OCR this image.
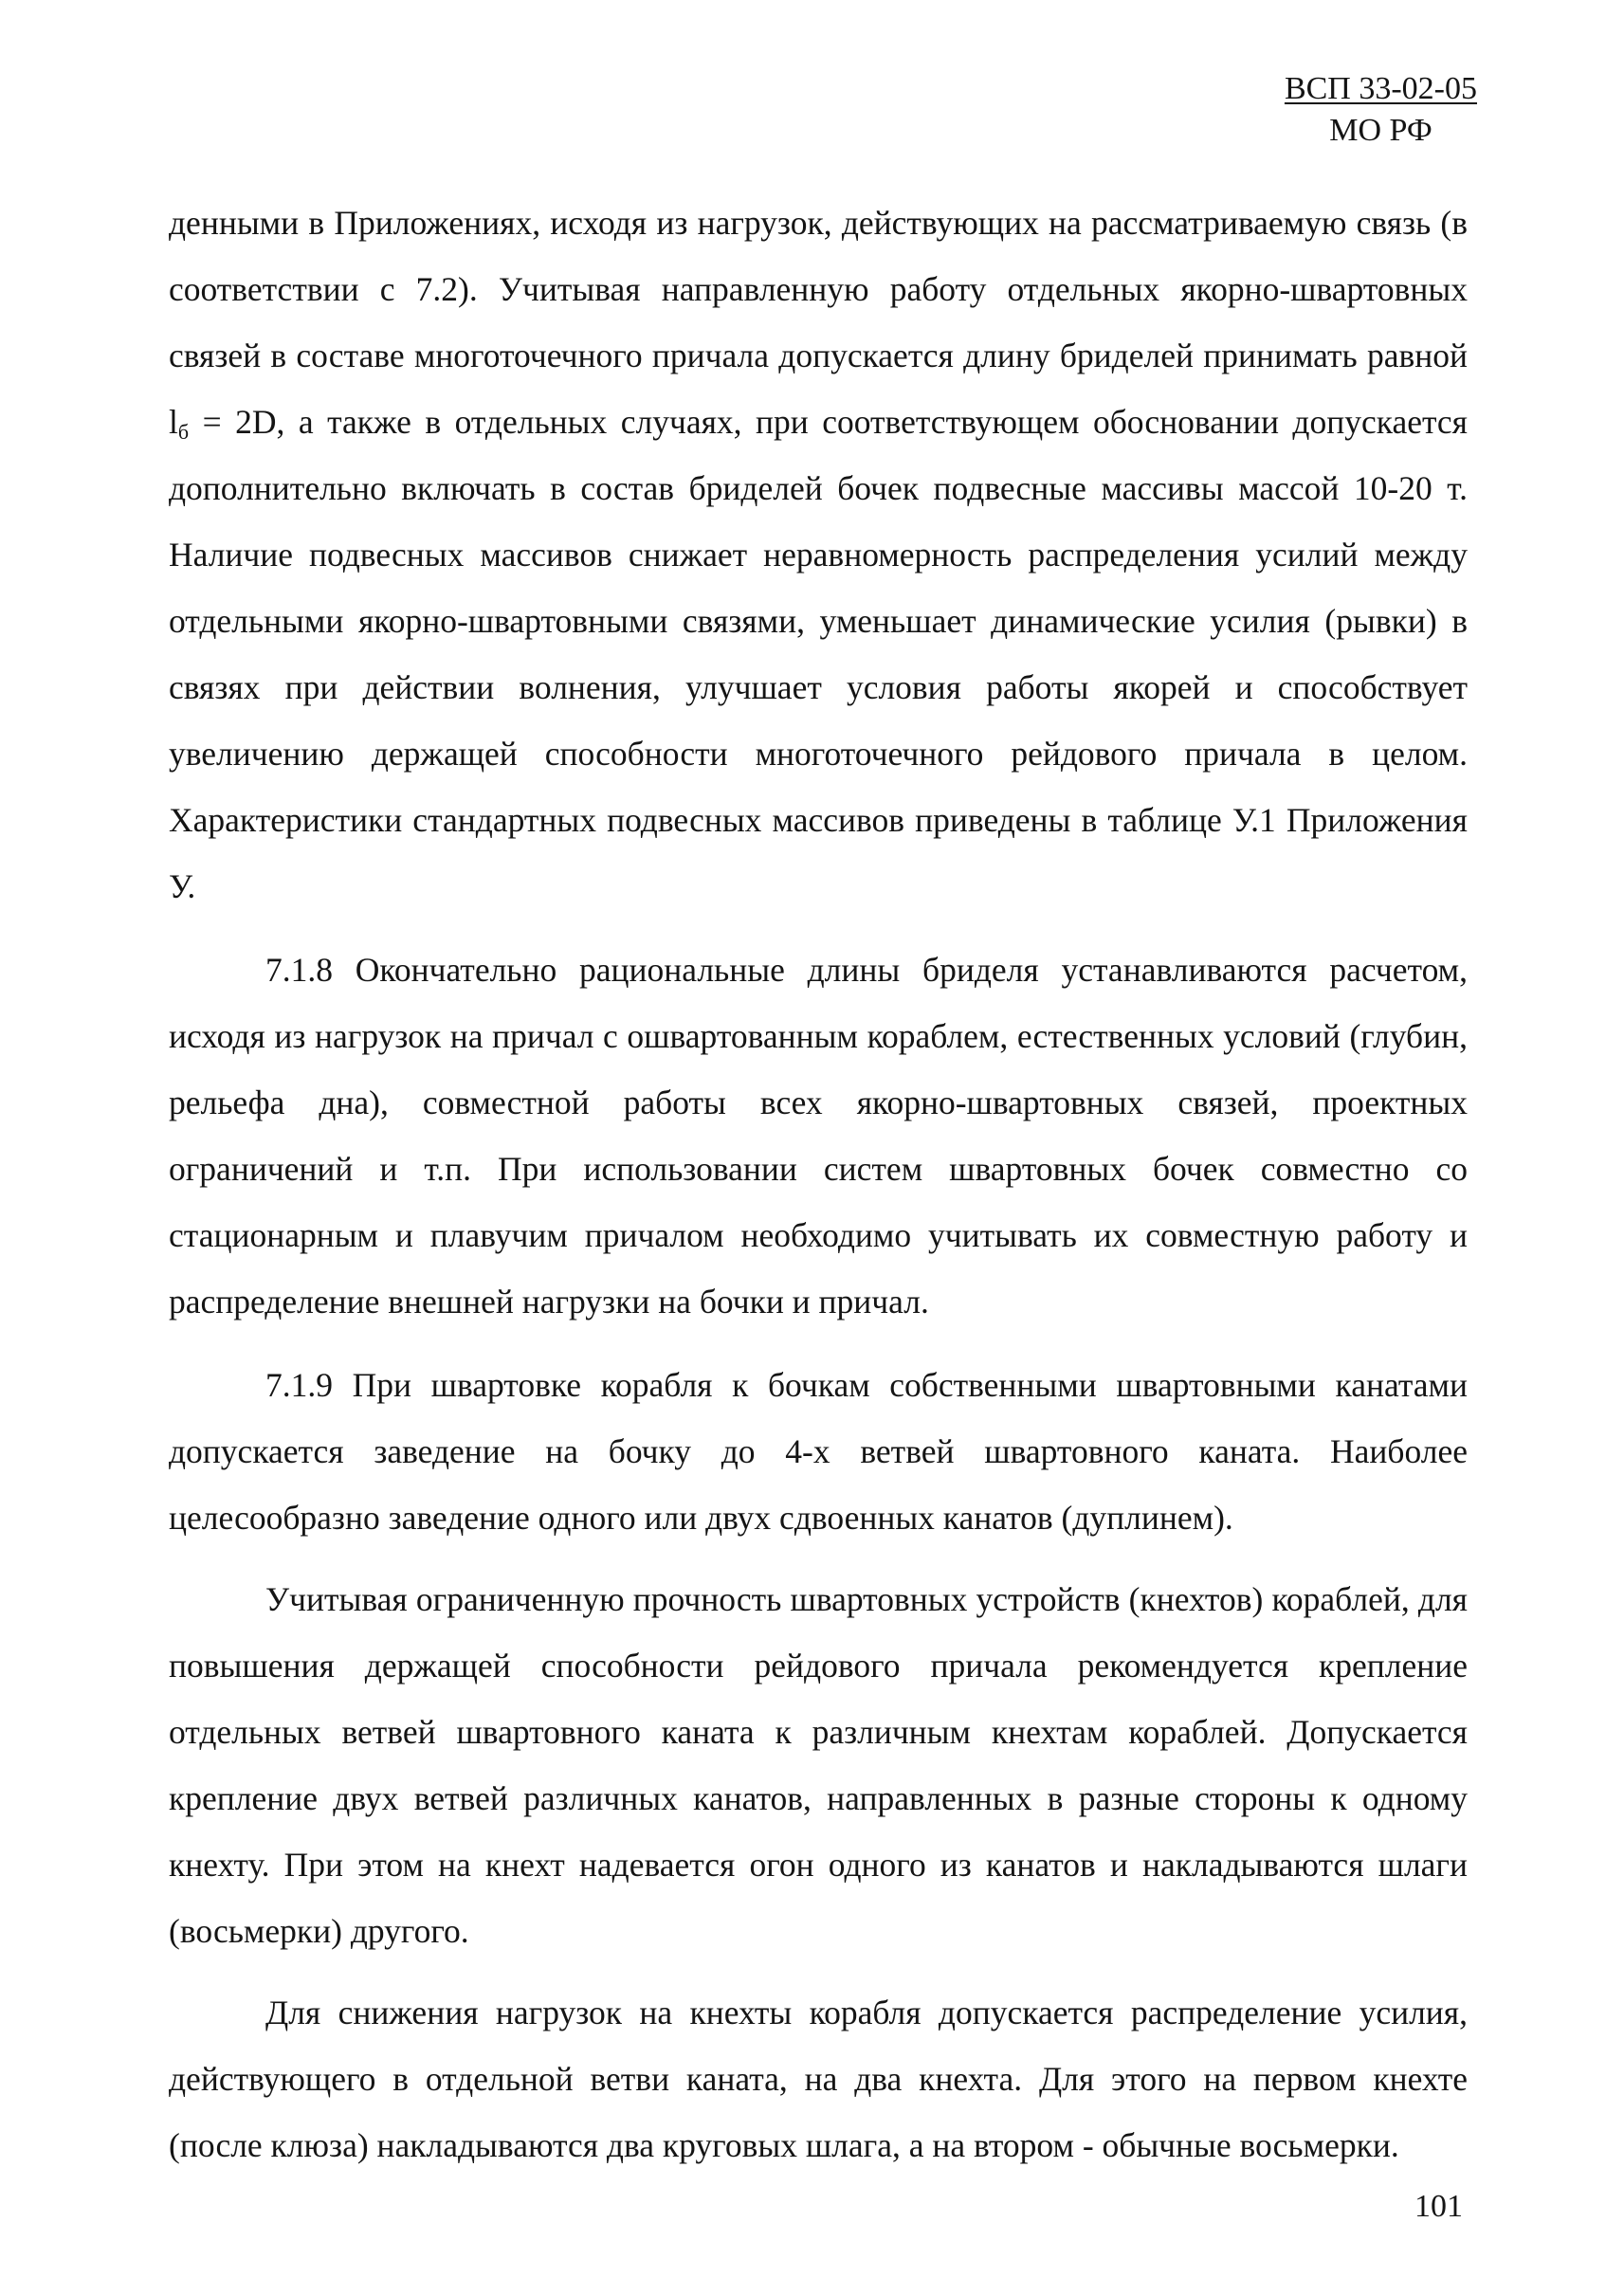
ВСП 33-02-05
МО РФ

денными в Приложениях, исходя из нагрузок, действующих на рассматриваемую связь (в соответствии с 7.2). Учитывая направленную работу отдельных якорно-швартовных связей в составе многоточечного причала допускается длину бриделей принимать равной $l_б = 2D$, а также в отдельных случаях, при соответствующем обосновании допускается дополнительно включать в состав бриделей бочек подвесные массивы массой 10-20 т. Наличие подвесных массивов снижает неравномерность распределения усилий между отдельными якорно-швартовными связями, уменьшает динамические усилия (рывки) в связях при действии волнения, улучшает условия работы якорей и способствует увеличению держащей способности многоточечного рейдового причала в целом. Характеристики стандартных подвесных массивов приведены в таблице У.1 Приложения У.

7.1.8 Окончательно рациональные длины бриделя устанавливаются расчетом, исходя из нагрузок на причал с ошвартованным кораблем, естественных условий (глубин, рельефа дна), совместной работы всех якорно-швартовных связей, проектных ограничений и т.п. При использовании систем швартовных бочек совместно со стационарным и плавучим причалом необходимо учитывать их совместную работу и распределение внешней нагрузки на бочки и причал.

7.1.9 При швартовке корабля к бочкам собственными швартовными канатами допускается заведение на бочку до 4-х ветвей швартовного каната. Наиболее целесообразно заведение одного или двух сдвоенных канатов (дуплинем).

Учитывая ограниченную прочность швартовных устройств (кнехтов) кораблей, для повышения держащей способности рейдового причала рекомендуется крепление отдельных ветвей швартовного каната к различным кнехтам кораблей. Допускается крепление двух ветвей различных канатов, направленных в разные стороны к одному кнехту. При этом на кнехт надевается огон одного из канатов и накладываются шлаги (восьмерки) другого.

Для снижения нагрузок на кнехты корабля допускается распределение усилия, действующего в отдельной ветви каната, на два кнехта. Для этого на первом кнехте (после клюза) накладываются два круговых шлага, а на втором - обычные восьмерки.

101
